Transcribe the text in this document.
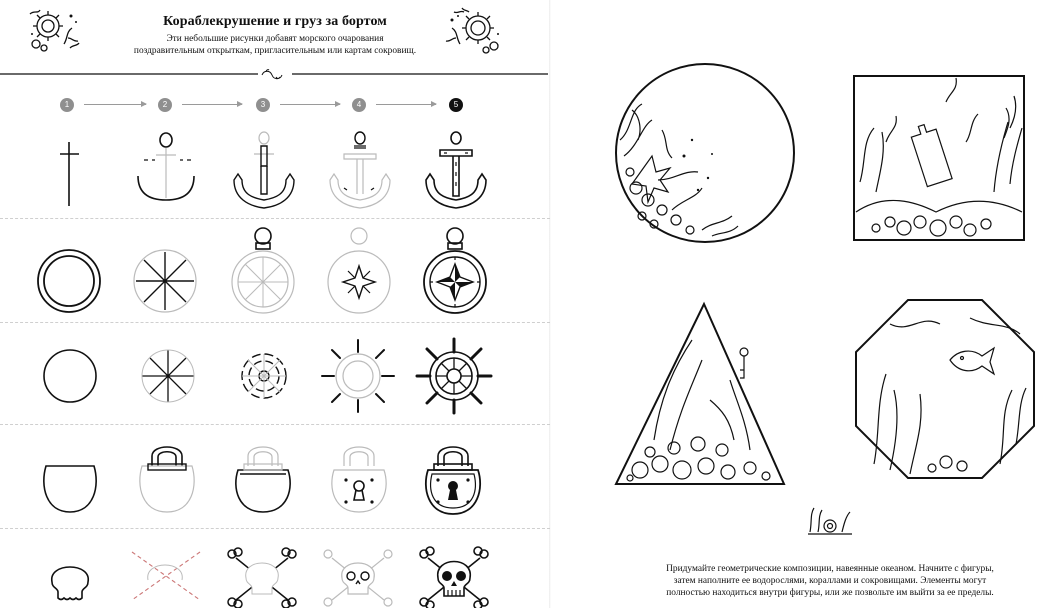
Кораблекрушение и груз за бортом
Эти небольшие рисунки добавят морского очарования
поздравительным открыткам, пригласительным или картам сокровищ.
1	2	3	4	5
Придумайте геометрические композиции, навеянные океаном. Начните с фигуры,
затем наполните ее водорослями, кораллами и сокровищами. Элементы могут
полностью находиться внутри фигуры, или же позвольте им выйти за ее пределы.
